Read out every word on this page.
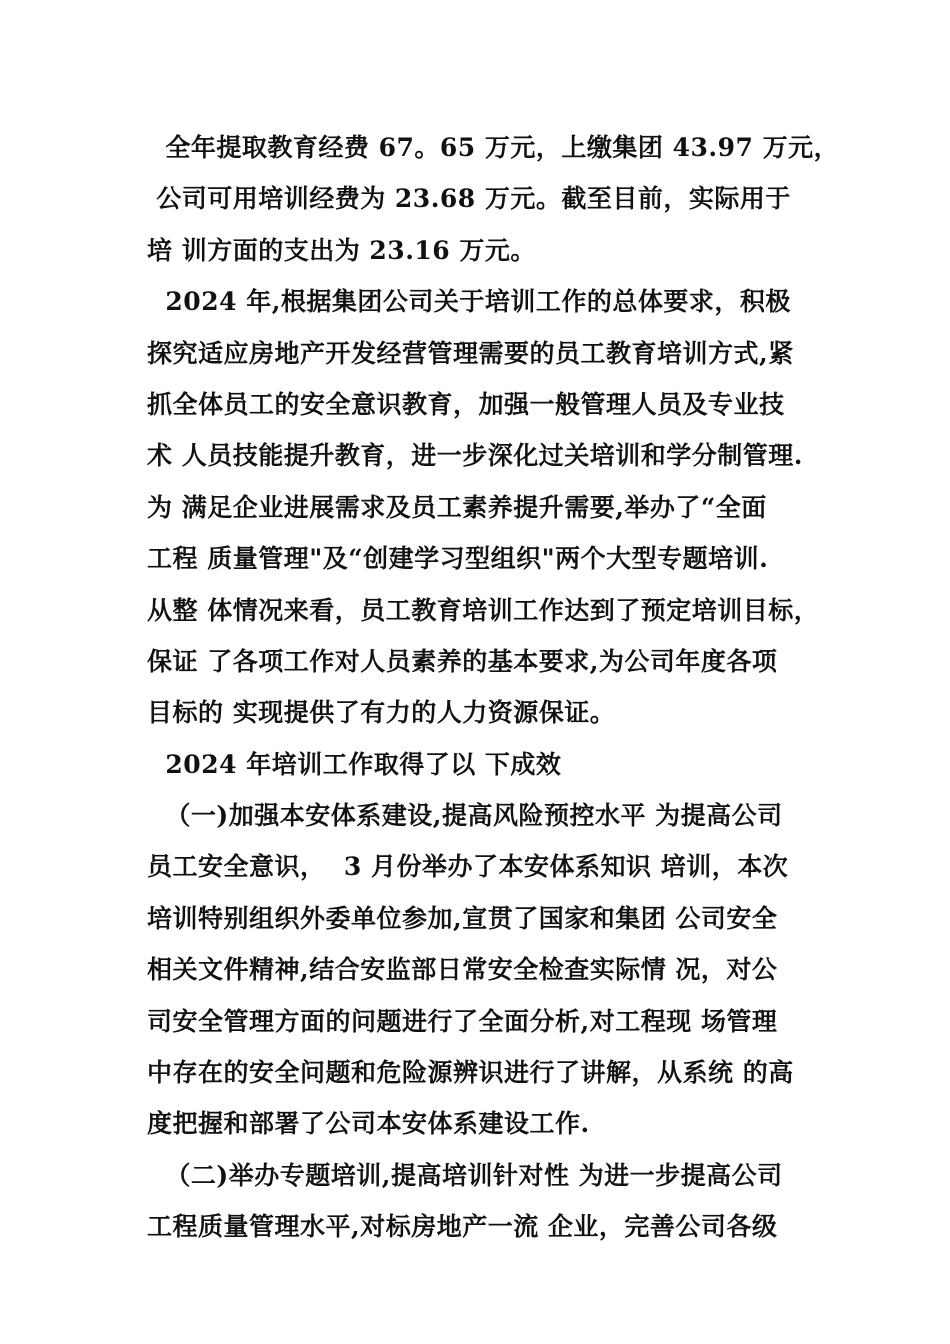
全年提取教育经费 67。65 万元，上缴集团 43.97 万元，
公司可用培训经费为 23.68 万元。截至目前，实际用于
培 训方面的支出为 23.16 万元。
2024 年,根据集团公司关于培训工作的总体要求，积极
探究适应房地产开发经营管理需要的员工教育培训方式,紧
抓全体员工的安全意识教育，加强一般管理人员及专业技
术 人员技能提升教育，进一步深化过关培训和学分制管理.
为 满足企业进展需求及员工素养提升需要,举办了“全面
工程 质量管理"及“创建学习型组织"两个大型专题培训.
从整 体情况来看，员工教育培训工作达到了预定培训目标，
保证 了各项工作对人员素养的基本要求,为公司年度各项
目标的 实现提供了有力的人力资源保证。
2024 年培训工作取得了以 下成效
（一)加强本安体系建设,提高风险预控水平 为提高公司
员工安全意识，  3 月份举办了本安体系知识 培训，本次
培训特别组织外委单位参加,宣贯了国家和集团 公司安全
相关文件精神,结合安监部日常安全检查实际情 况，对公
司安全管理方面的问题进行了全面分析,对工程现 场管理
中存在的安全问题和危险源辨识进行了讲解，从系统 的高
度把握和部署了公司本安体系建设工作.
（二)举办专题培训,提高培训针对性 为进一步提高公司
工程质量管理水平,对标房地产一流 企业，完善公司各级
